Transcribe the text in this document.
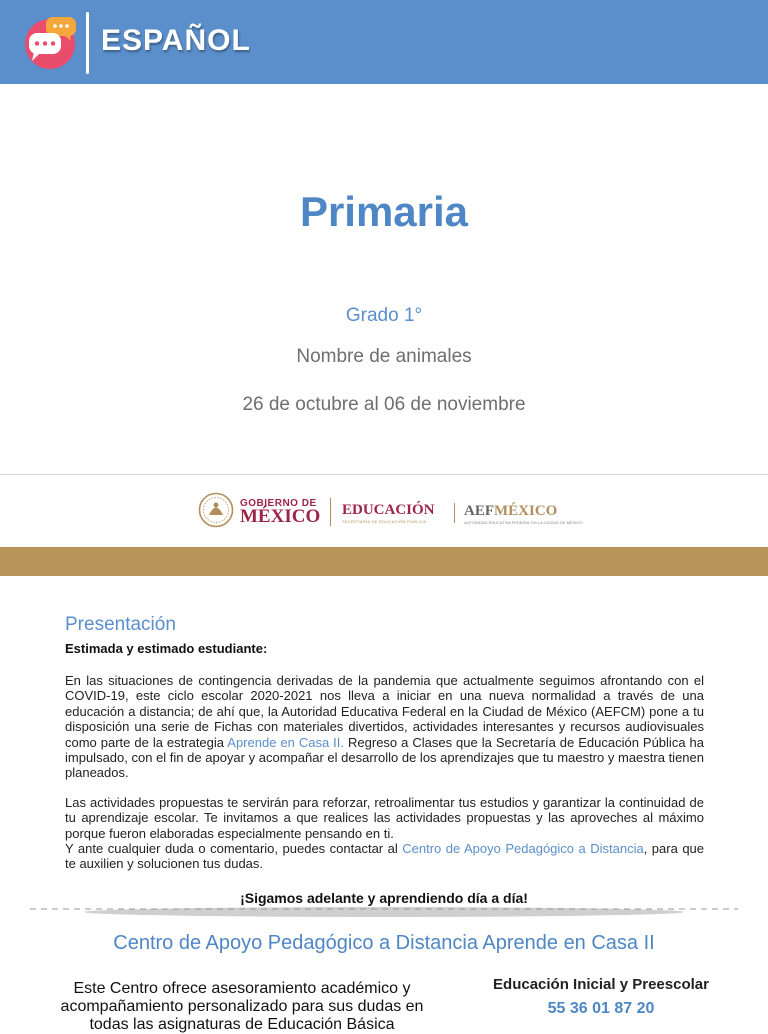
ESPAÑOL
Primaria
Grado 1°
Nombre de animales
26 de octubre al 06 de noviembre
GOBIERNO DE
MÉXICO EDUCACIÓN
SECRETARÍA DE EDUCACIÓN PÚBLICA
AEFMÉXICO
AUTORIDAD EDUCATIVA FEDERAL EN LA CIUDAD DE MÉXICO
Presentación
Estimada y estimado estudiante:
En las situaciones de contingencia derivadas de la pandemia que actualmente seguimos afrontando con el COVID-19, este ciclo escolar 2020-2021 nos lleva a iniciar en una nueva normalidad a través de una educación a distancia; de ahí que, la Autoridad Educativa Federal en la Ciudad de México (AEFCM) pone a tu disposición una serie de Fichas con materiales divertidos, actividades interesantes y recursos audiovisuales como parte de la estrategia Aprende en Casa II. Regreso a Clases que la Secretaría de Educación Pública ha impulsado, con el fin de apoyar y acompañar el desarrollo de los aprendizajes que tu maestro y maestra tienen planeados.
Las actividades propuestas te servirán para reforzar, retroalimentar tus estudios y garantizar la continuidad de tu aprendizaje escolar. Te invitamos a que realices las actividades propuestas y las aproveches al máximo porque fueron elaboradas especialmente pensando en ti.
Y ante cualquier duda o comentario, puedes contactar al Centro de Apoyo Pedagógico a Distancia, para que te auxilien y solucionen tus dudas.
¡Sigamos adelante y aprendiendo día a día!
Centro de Apoyo Pedagógico a Distancia Aprende en Casa II
Este Centro ofrece asesoramiento académico y acompañamiento personalizado para sus dudas en todas las asignaturas de Educación Básica
Educación Inicial y Preescolar
55 36 01 87 20
